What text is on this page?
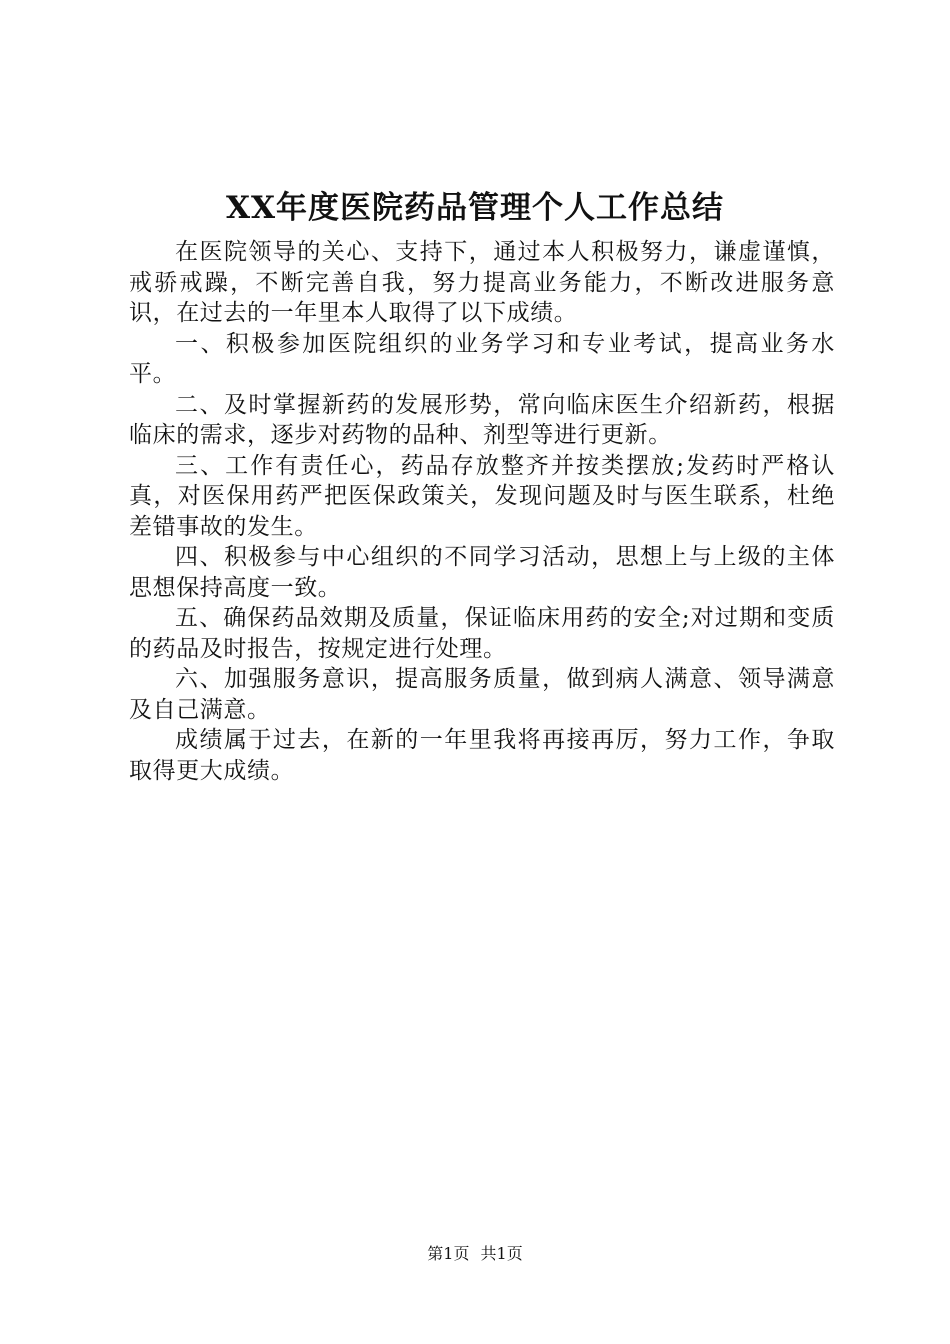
XX年度医院药品管理个人工作总结

在医院领导的关心、支持下，通过本人积极努力，谦虚谨慎，戒骄戒躁，不断完善自我，努力提高业务能力，不断改进服务意识，在过去的一年里本人取得了以下成绩。

一、积极参加医院组织的业务学习和专业考试，提高业务水平。

二、及时掌握新药的发展形势，常向临床医生介绍新药，根据临床的需求，逐步对药物的品种、剂型等进行更新。

三、工作有责任心，药品存放整齐并按类摆放;发药时严格认真，对医保用药严把医保政策关，发现问题及时与医生联系，杜绝差错事故的发生。

四、积极参与中心组织的不同学习活动，思想上与上级的主体思想保持高度一致。

五、确保药品效期及质量，保证临床用药的安全;对过期和变质的药品及时报告，按规定进行处理。

六、加强服务意识，提高服务质量，做到病人满意、领导满意及自己满意。

成绩属于过去，在新的一年里我将再接再厉，努力工作，争取取得更大成绩。

第1页 共1页
